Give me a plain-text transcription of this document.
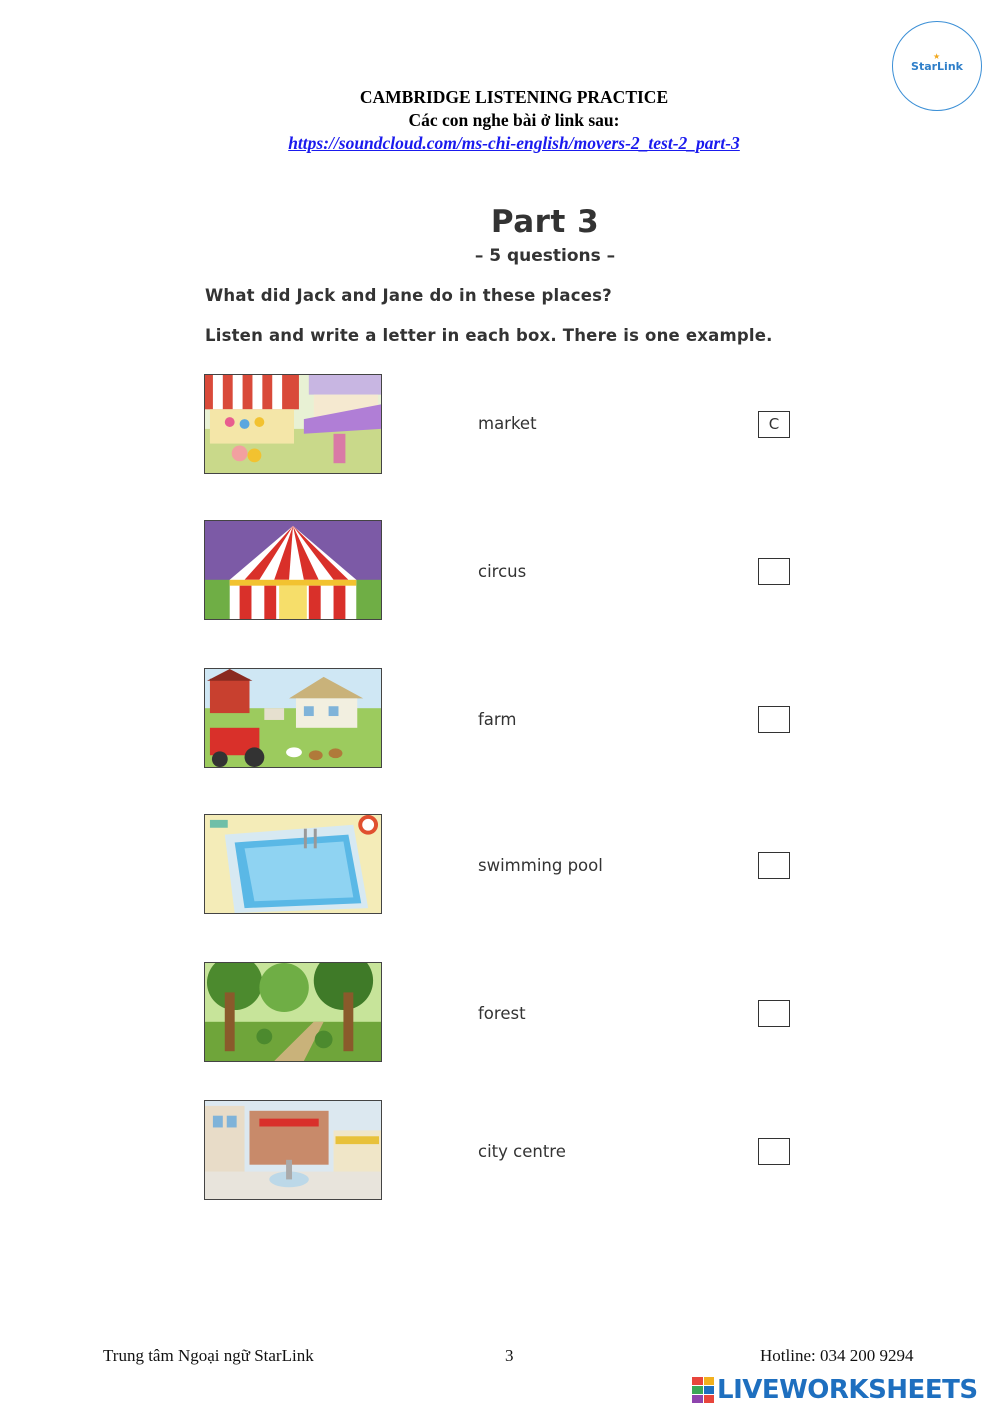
★
StarLink
CAMBRIDGE LISTENING PRACTICE
Các con nghe bài ở link sau:
https://soundcloud.com/ms-chi-english/movers-2_test-2_part-3
Part 3
– 5 questions –
What did Jack and Jane do in these places?
Listen and write a letter in each box. There is one example.
market	C
circus
farm
swimming pool
forest
city centre
Trung tâm Ngoại ngữ StarLink	3	Hotline: 034 200 9294
LIVEWORKSHEETS
